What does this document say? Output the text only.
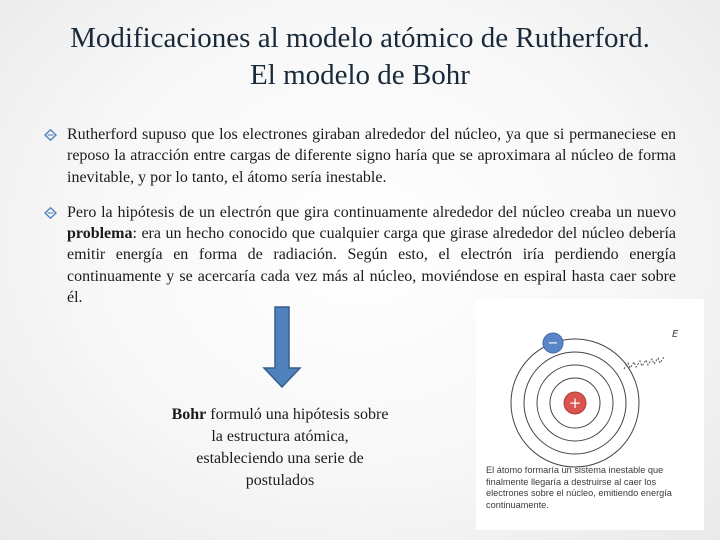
Modificaciones al modelo atómico de Rutherford.
El modelo de Bohr
Rutherford supuso que los electrones giraban alrededor del núcleo, ya que si permaneciese en reposo la atracción entre cargas de diferente signo haría que se aproximara al núcleo de forma inevitable, y por lo tanto, el átomo sería inestable.
Pero la hipótesis de un electrón que gira continuamente alrededor del núcleo creaba un nuevo problema: era un hecho conocido que cualquier carga que girase alrededor del núcleo debería emitir energía en forma de radiación. Según esto, el electrón iría perdiendo energía continuamente y se acercaría cada vez más al núcleo, moviéndose en espiral hasta caer sobre él.
Bohr formuló una hipótesis sobre la estructura atómica, estableciendo una serie de postulados
−
+
E
El átomo formaría un sistema inestable que finalmente llegaría a destruirse al caer los electrones sobre el núcleo, emitiendo energía continuamente.
